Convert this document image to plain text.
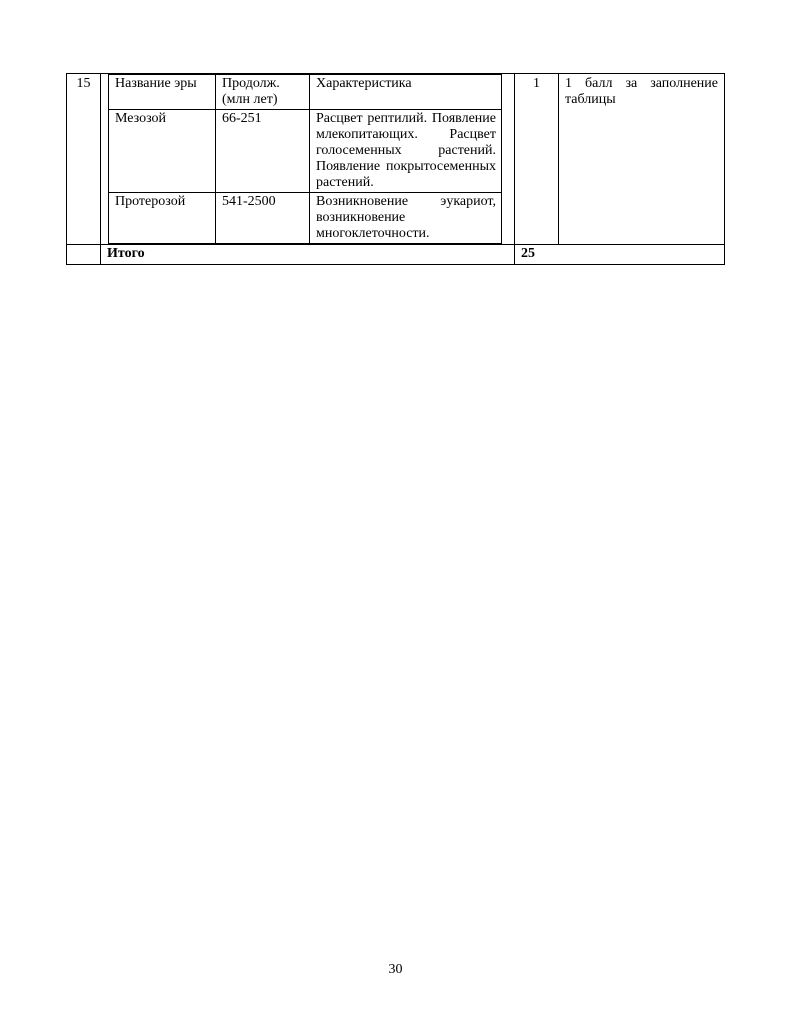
15	Название эры	Продолж. (млн лет)	Характеристика
Мезозой	66-251	Расцвет рептилий. Появление млекопитающих. Расцвет голосеменных растений. Появление покрытосеменных растений.
Протерозой	541-2500	Возникновение эукариот, возникновение многоклеточности.
	1	1 балл за заполнение таблицы
	Итого	25
30
